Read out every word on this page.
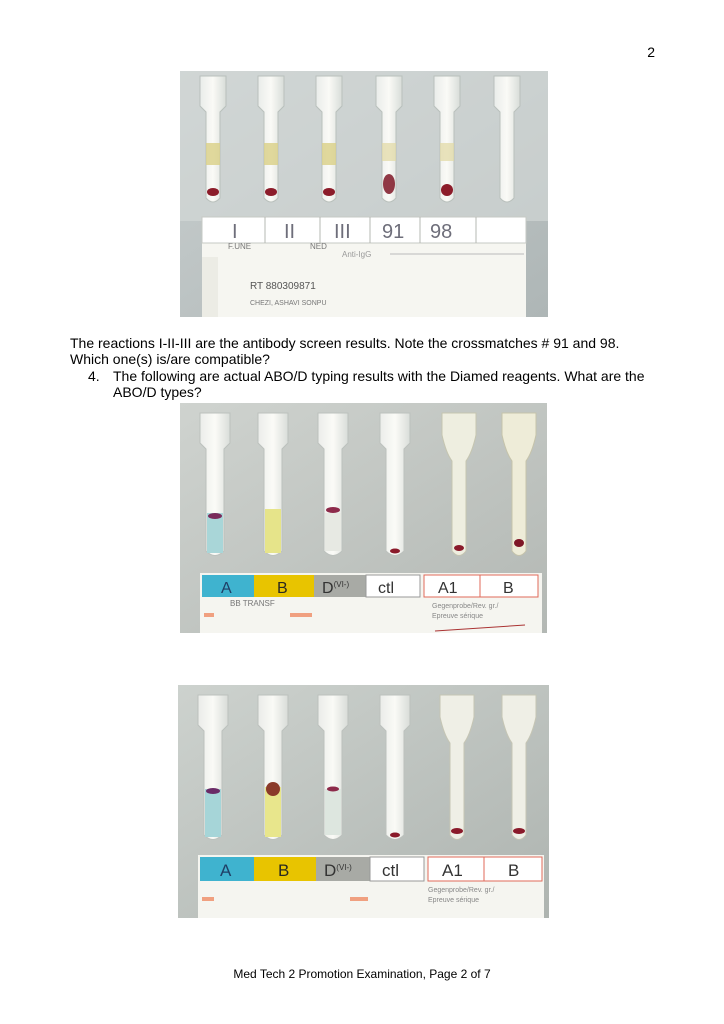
2
I II III 91 98
F.UNE	NED
Anti-IgG
RT 880309871
CHEZI, ASHAVI SONPU
The reactions I-II-III are the antibody screen results. Note the crossmatches # 91 and 98. Which one(s) is/are compatible?
4. The following are actual ABO/D typing results with the Diamed reagents. What are the ABO/D types?
A	B $D^{(VI-)}$ ctl	A1	B
BB TRANSF	Gegenprobe/Rev. gr./
Epreuve sérique
A	B $D^{(VI-)}$ ctl	A1	B
Gegenprobe/Rev. gr./
Epreuve sérique
Med Tech 2 Promotion Examination, Page 2 of 7
